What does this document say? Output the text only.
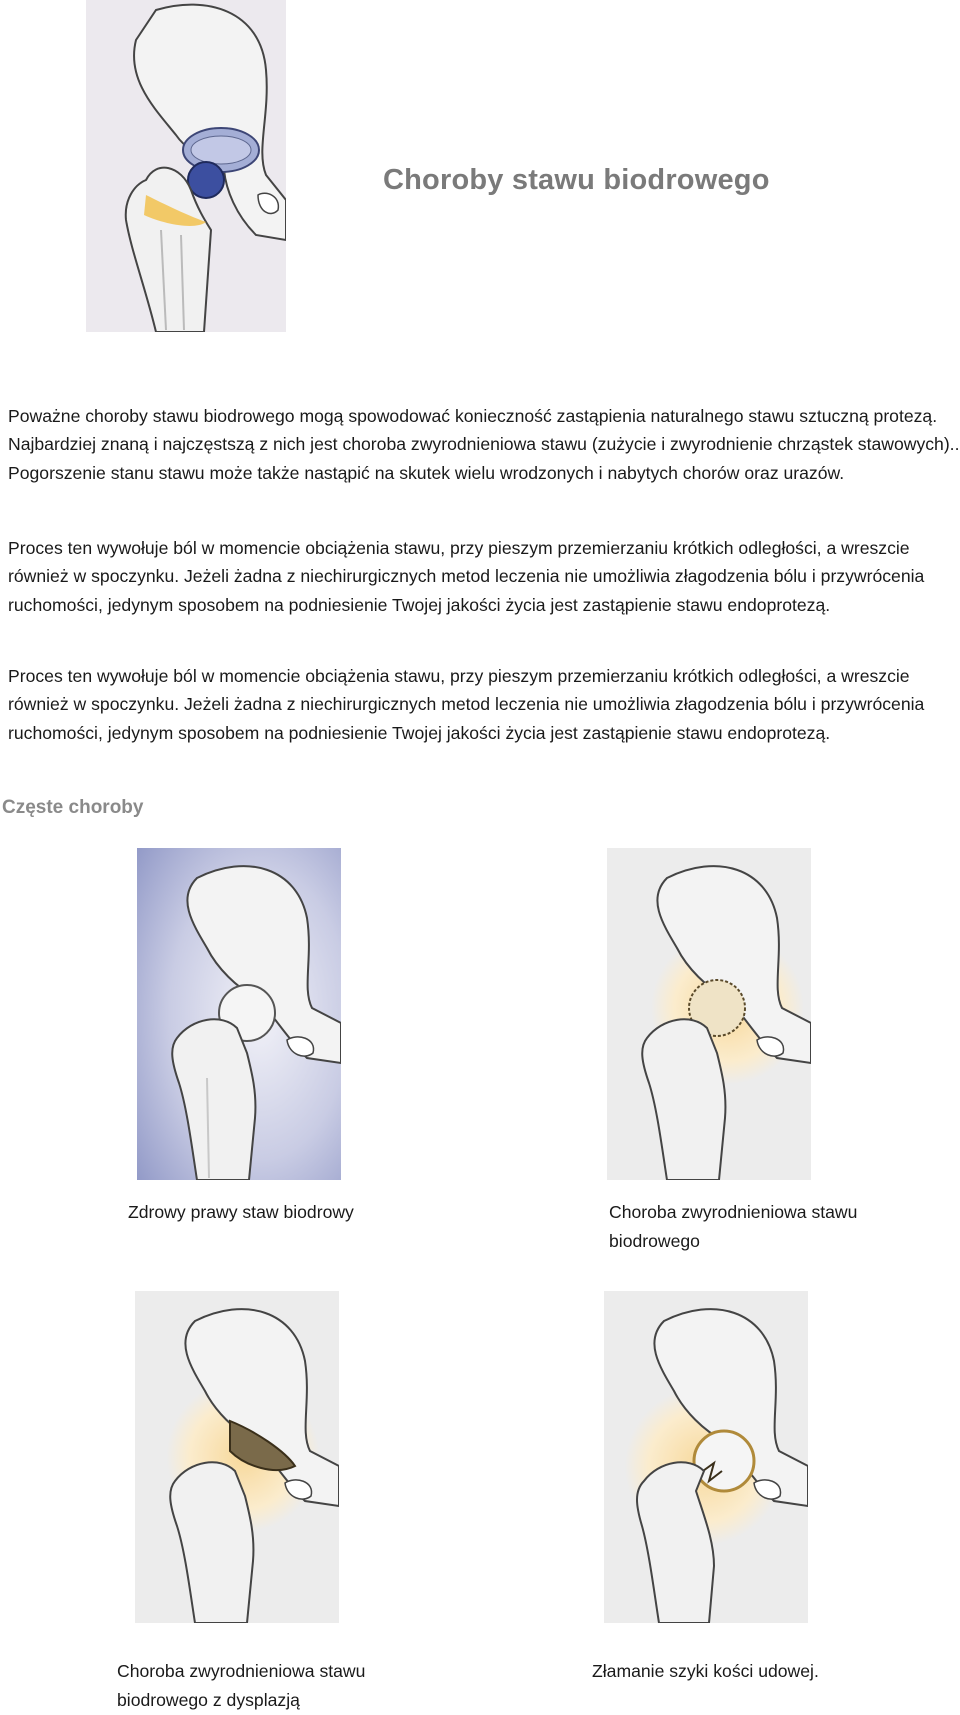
Choroby stawu biodrowego
Poważne choroby stawu biodrowego mogą spowodować konieczność zastąpienia naturalnego stawu sztuczną protezą. Najbardziej znaną i najczęstszą z nich jest choroba zwyrodnieniowa stawu (zużycie i zwyrodnienie chrząstek stawowych).. Pogorszenie stanu stawu może także nastąpić na skutek wielu wrodzonych i nabytych chorów oraz urazów.
Proces ten wywołuje ból w momencie obciążenia stawu, przy pieszym przemierzaniu krótkich odległości, a wreszcie również w spoczynku. Jeżeli żadna z niechirurgicznych metod leczenia nie umożliwia złagodzenia bólu i przywrócenia ruchomości, jedynym sposobem na podniesienie Twojej jakości życia jest zastąpienie stawu endoprotezą.
Proces ten wywołuje ból w momencie obciążenia stawu, przy pieszym przemierzaniu krótkich odległości, a wreszcie również w spoczynku. Jeżeli żadna z niechirurgicznych metod leczenia nie umożliwia złagodzenia bólu i przywrócenia ruchomości, jedynym sposobem na podniesienie Twojej jakości życia jest zastąpienie stawu endoprotezą.
Częste choroby
Zdrowy prawy staw biodrowy	Choroba zwyrodnieniowa stawu biodrowego
Choroba zwyrodnieniowa stawu biodrowego z dysplazją
Złamanie szyki kości udowej.
